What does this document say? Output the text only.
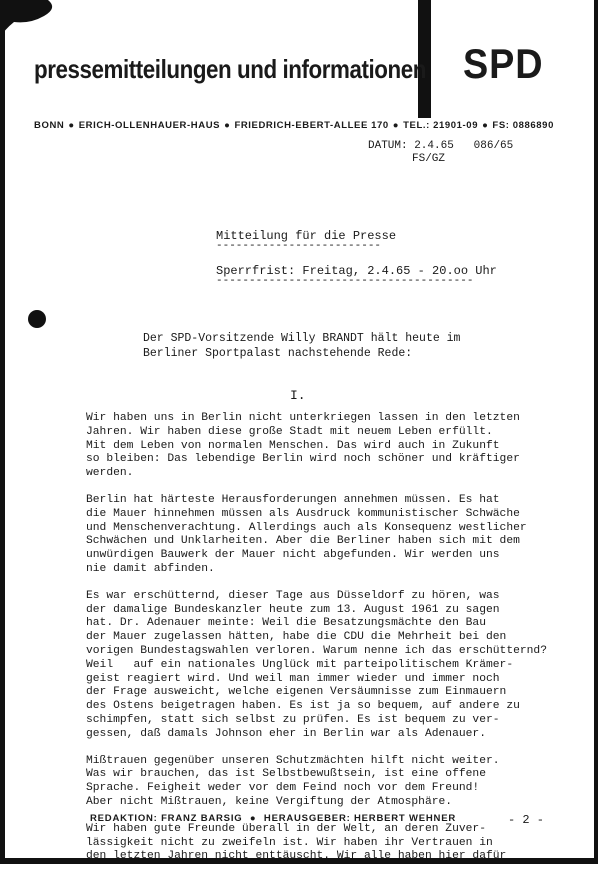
pressemitteilungen und informationen SPD
BONN ● ERICH-OLLENHAUER-HAUS ● FRIEDRICH-EBERT-ALLEE 170 ● TEL.: 21901-09 ● FS: 0886890
DATUM: 2.4.65 086/65
FS/GZ
Mitteilung für die Presse
-------------------------
Sperrfrist: Freitag, 2.4.65 - 20.oo Uhr
---------------------------------------
Der SPD-Vorsitzende Willy BRANDT hält heute im
Berliner Sportpalast nachstehende Rede:
I.
Wir haben uns in Berlin nicht unterkriegen lassen in den letzten
Jahren. Wir haben diese große Stadt mit neuem Leben erfüllt.
Mit dem Leben von normalen Menschen. Das wird auch in Zukunft
so bleiben: Das lebendige Berlin wird noch schöner und kräftiger
werden.
Berlin hat härteste Herausforderungen annehmen müssen. Es hat
die Mauer hinnehmen müssen als Ausdruck kommunistischer Schwäche
und Menschenverachtung. Allerdings auch als Konsequenz westlicher
Schwächen und Unklarheiten. Aber die Berliner haben sich mit dem
unwürdigen Bauwerk der Mauer nicht abgefunden. Wir werden uns
nie damit abfinden.
Es war erschütternd, dieser Tage aus Düsseldorf zu hören, was
der damalige Bundeskanzler heute zum 13. August 1961 zu sagen
hat. Dr. Adenauer meinte: Weil die Besatzungsmächte den Bau
der Mauer zugelassen hätten, habe die CDU die Mehrheit bei den
vorigen Bundestagswahlen verloren. Warum nenne ich das erschütternd?
Weil   auf ein nationales Unglück mit parteipolitischem Krämer-
geist reagiert wird. Und weil man immer wieder und immer noch
der Frage ausweicht, welche eigenen Versäumnisse zum Einmauern
des Ostens beigetragen haben. Es ist ja so bequem, auf andere zu
schimpfen, statt sich selbst zu prüfen. Es ist bequem zu ver-
gessen, daß damals Johnson eher in Berlin war als Adenauer.
Mißtrauen gegenüber unseren Schutzmächten hilft nicht weiter.
Was wir brauchen, das ist Selbstbewußtsein, ist eine offene
Sprache. Feigheit weder vor dem Feind noch vor dem Freund!
Aber nicht Mißtrauen, keine Vergiftung der Atmosphäre.
Wir haben gute Freunde überall in der Welt, an deren Zuver-
lässigkeit nicht zu zweifeln ist. Wir haben ihr Vertrauen in
den letzten Jahren nicht enttäuscht. Wir alle haben hier dafür
REDAKTION: FRANZ BARSIG ● HERAUSGEBER: HERBERT WEHNER	- 2 -
